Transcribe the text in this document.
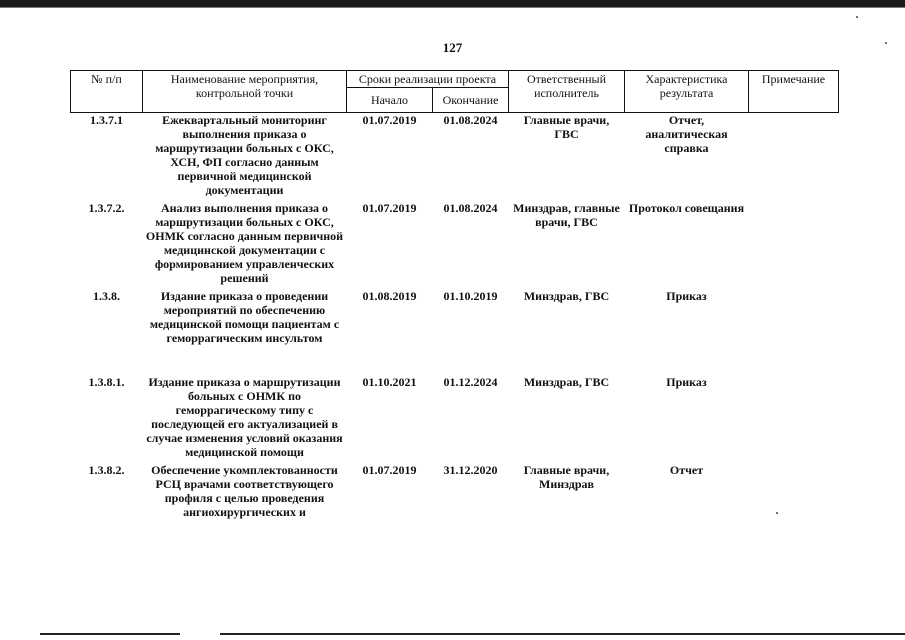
127
№ п/п	Наименование мероприятия, контрольной точки	Сроки реализации проекта		Ответственный исполнитель	Характеристика результата	Примечание
		Начало	Окончание			
1.3.7.1	Ежеквартальный мониторинг выполнения приказа о маршрутизации больных с ОКС, ХСН, ФП согласно данным первичной медицинской документации	01.07.2019	01.08.2024	Главные врачи, ГВС	Отчет, аналитическая справка	
1.3.7.2.	Анализ выполнения приказа о маршрутизации больных с ОКС, ОНМК согласно данным первичной медицинской документации с формированием управленческих решений	01.07.2019	01.08.2024	Минздрав, главные врачи, ГВС	Протокол совещания	
1.3.8.	Издание приказа о проведении мероприятий по обеспечению медицинской помощи пациентам с геморрагическим инсультом	01.08.2019	01.10.2019	Минздрав, ГВС	Приказ	
1.3.8.1.	Издание приказа о маршрутизации больных с ОНМК по геморрагическому типу с последующей его актуализацией в случае изменения условий оказания медицинской помощи	01.10.2021	01.12.2024	Минздрав, ГВС	Приказ	
1.3.8.2.	Обеспечение укомплектованности РСЦ врачами соответствующего профиля с целью проведения ангиохирургических и	01.07.2019	31.12.2020	Главные врачи, Минздрав	Отчет	
